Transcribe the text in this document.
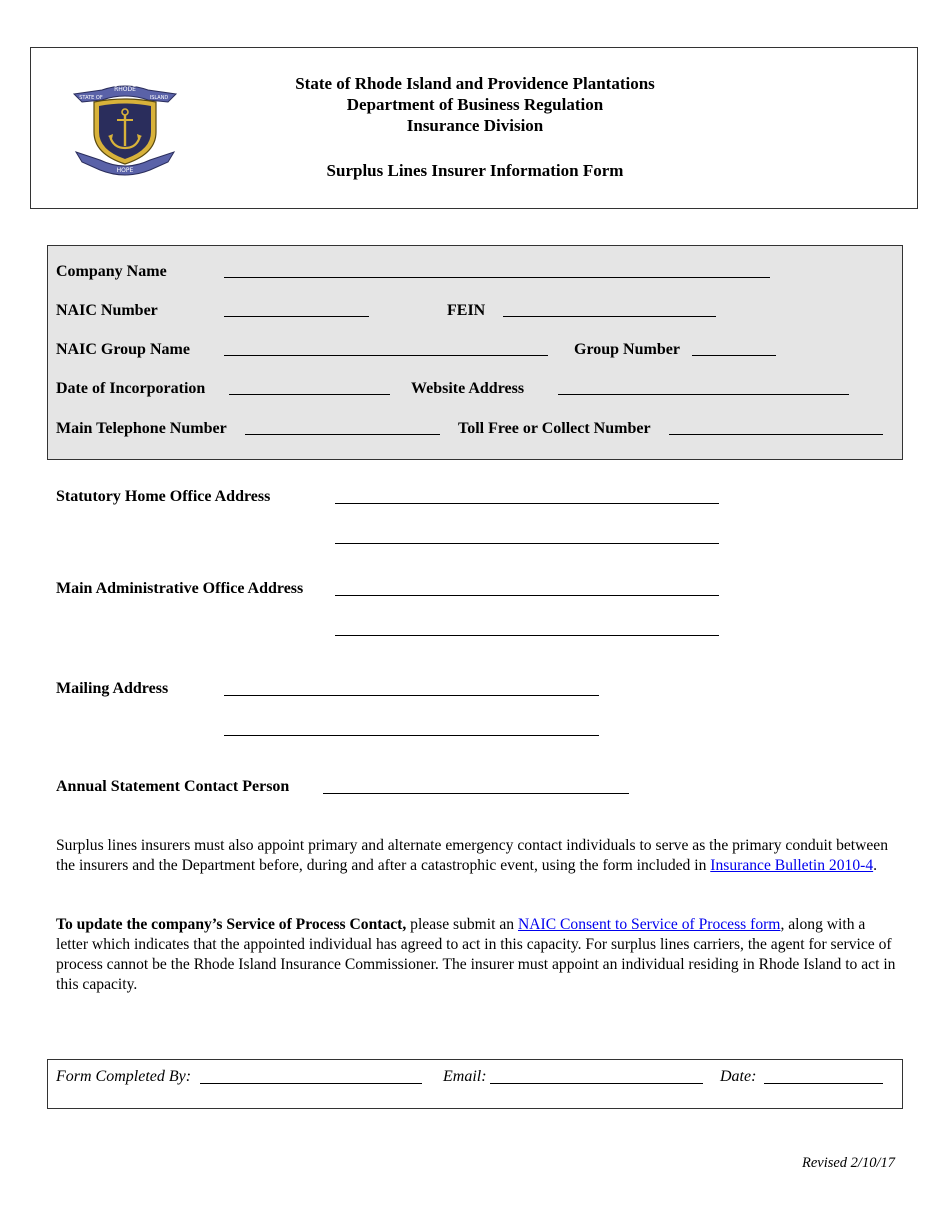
RHODE
STATE OF	ISLAND
HOPE
State of Rhode Island and Providence Plantations
Department of Business Regulation
Insurance Division
Surplus Lines Insurer Information Form
Company Name
NAIC Number	FEIN
NAIC Group Name	Group Number
Date of Incorporation	Website Address
Main Telephone Number	Toll Free or Collect Number
Statutory Home Office Address
Main Administrative Office Address
Mailing Address
Annual Statement Contact Person
Surplus lines insurers must also appoint primary and alternate emergency contact individuals to serve as the primary conduit between the insurers and the Department before, during and after a catastrophic event, using the form included in Insurance Bulletin 2010-4.
To update the company’s Service of Process Contact, please submit an NAIC Consent to Service of Process form, along with a letter which indicates that the appointed individual has agreed to act in this capacity. For surplus lines carriers, the agent for service of process cannot be the Rhode Island Insurance Commissioner. The insurer must appoint an individual residing in Rhode Island to act in this capacity.
Form Completed By:	Email:	Date:
Revised 2/10/17
